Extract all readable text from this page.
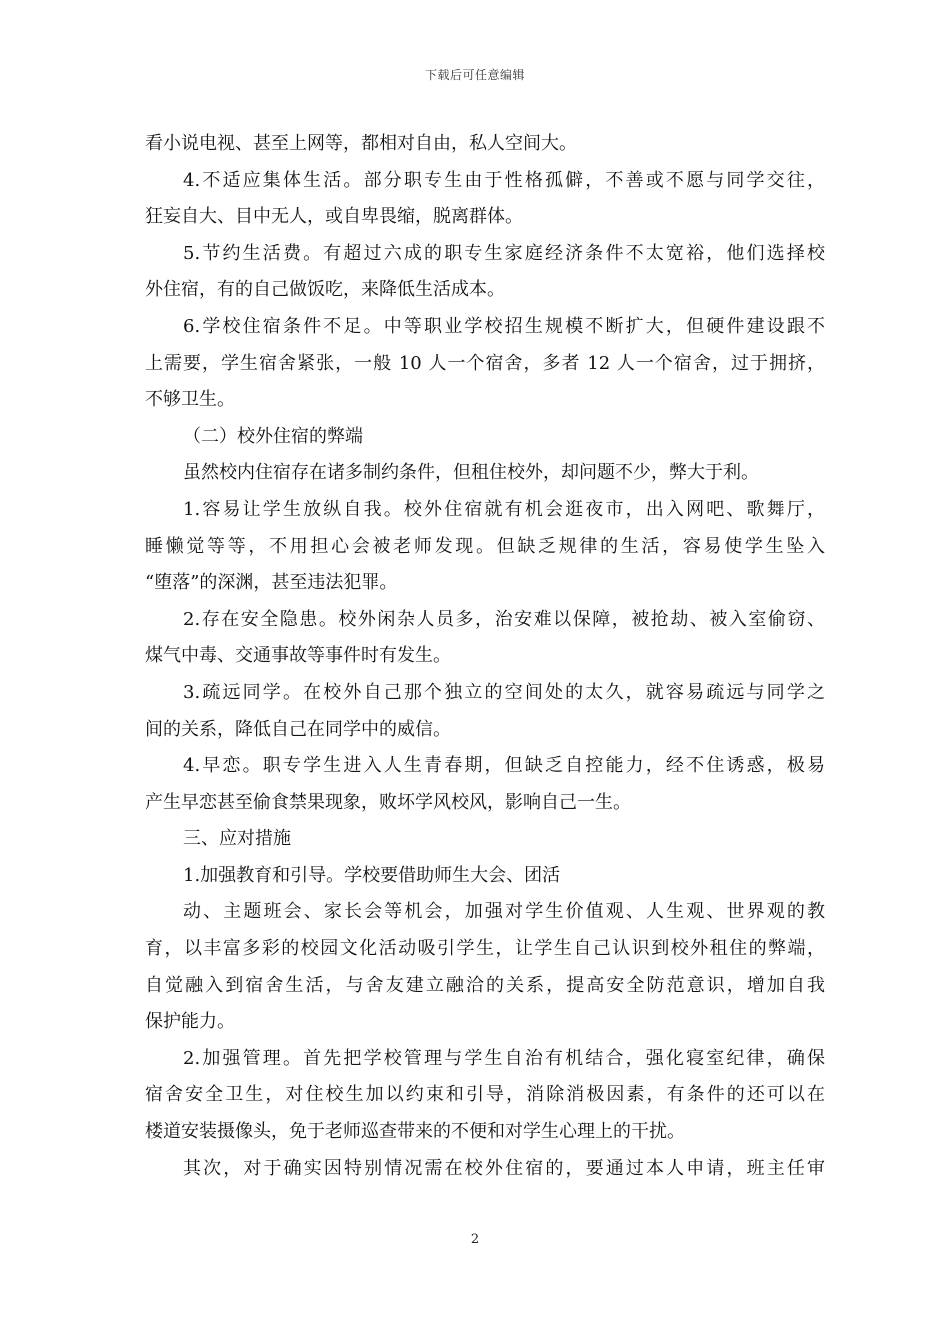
下载后可任意编辑
看小说电视、甚至上网等，都相对自由，私人空间大。
4.不适应集体生活。部分职专生由于性格孤僻，不善或不愿与同学交往，
狂妄自大、目中无人，或自卑畏缩，脱离群体。
5.节约生活费。有超过六成的职专生家庭经济条件不太宽裕，他们选择校
外住宿，有的自己做饭吃，来降低生活成本。
6.学校住宿条件不足。中等职业学校招生规模不断扩大，但硬件建设跟不
上需要，学生宿舍紧张，一般 10 人一个宿舍，多者 12 人一个宿舍，过于拥挤，
不够卫生。
（二）校外住宿的弊端
虽然校内住宿存在诸多制约条件，但租住校外，却问题不少，弊大于利。
1.容易让学生放纵自我。校外住宿就有机会逛夜市，出入网吧、歌舞厅，
睡懒觉等等，不用担心会被老师发现。但缺乏规律的生活，容易使学生坠入
“堕落”的深渊，甚至违法犯罪。
2.存在安全隐患。校外闲杂人员多，治安难以保障，被抢劫、被入室偷窃、
煤气中毒、交通事故等事件时有发生。
3.疏远同学。在校外自己那个独立的空间处的太久，就容易疏远与同学之
间的关系，降低自己在同学中的威信。
4.早恋。职专学生进入人生青春期，但缺乏自控能力，经不住诱惑，极易
产生早恋甚至偷食禁果现象，败坏学风校风，影响自己一生。
三、应对措施
1.加强教育和引导。学校要借助师生大会、团活
动、主题班会、家长会等机会，加强对学生价值观、人生观、世界观的教
育，以丰富多彩的校园文化活动吸引学生，让学生自己认识到校外租住的弊端，
自觉融入到宿舍生活，与舍友建立融洽的关系，提高安全防范意识，增加自我
保护能力。
2.加强管理。首先把学校管理与学生自治有机结合，强化寝室纪律，确保
宿舍安全卫生，对住校生加以约束和引导，消除消极因素，有条件的还可以在
楼道安装摄像头，免于老师巡查带来的不便和对学生心理上的干扰。
其次，对于确实因特别情况需在校外住宿的，要通过本人申请，班主任审
2
